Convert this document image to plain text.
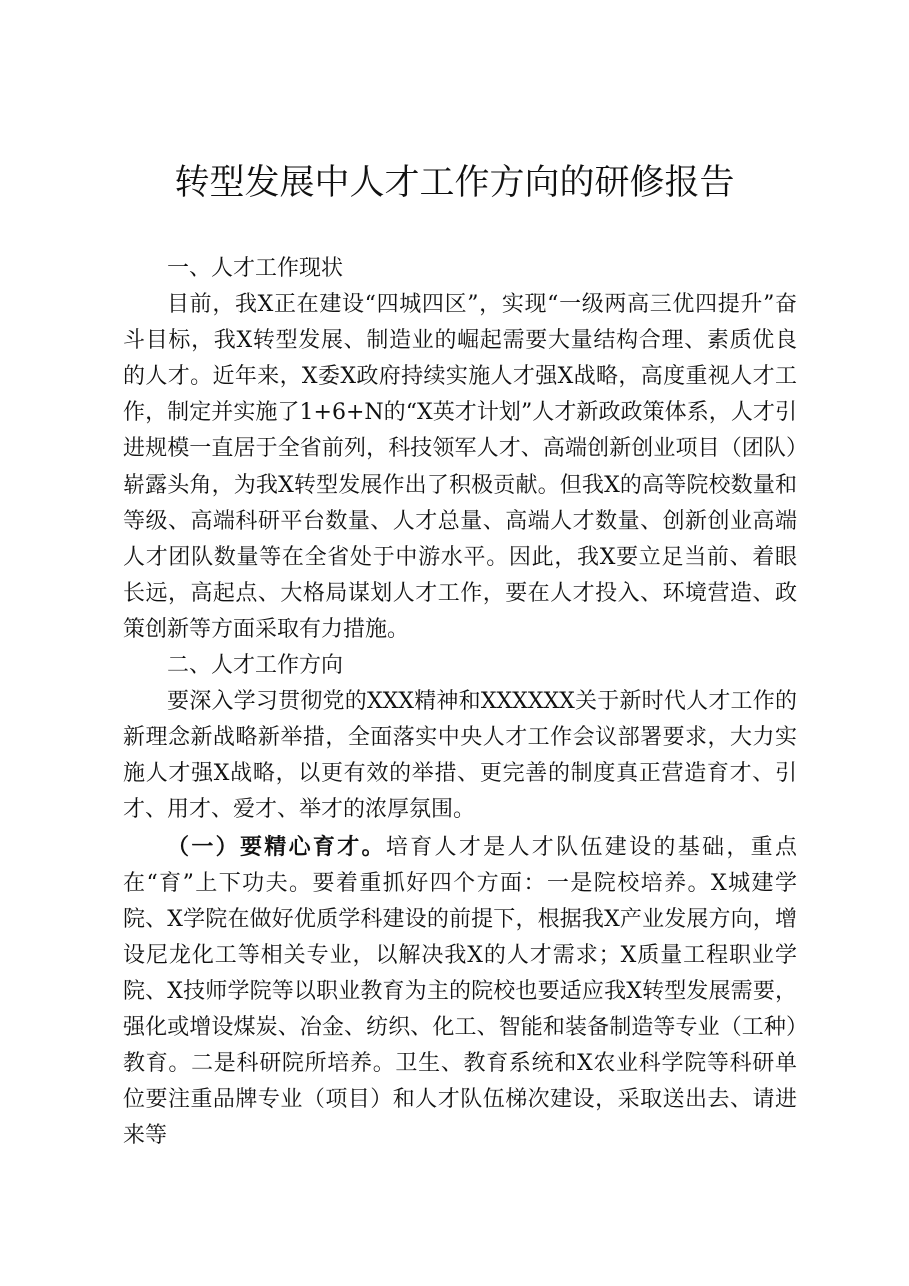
转型发展中人才工作方向的研修报告

一、人才工作现状

目前，我X正在建设“四城四区”，实现“一级两高三优四提升”奋斗目标，我X转型发展、制造业的崛起需要大量结构合理、素质优良的人才。近年来，X委X政府持续实施人才强X战略，高度重视人才工作，制定并实施了1+6+N的“X英才计划”人才新政政策体系，人才引进规模一直居于全省前列，科技领军人才、高端创新创业项目（团队）崭露头角，为我X转型发展作出了积极贡献。但我X的高等院校数量和等级、高端科研平台数量、人才总量、高端人才数量、创新创业高端人才团队数量等在全省处于中游水平。因此，我X要立足当前、着眼长远，高起点、大格局谋划人才工作，要在人才投入、环境营造、政策创新等方面采取有力措施。

二、人才工作方向

要深入学习贯彻党的XXX精神和XXXXXX关于新时代人才工作的新理念新战略新举措，全面落实中央人才工作会议部署要求，大力实施人才强X战略，以更有效的举措、更完善的制度真正营造育才、引才、用才、爱才、举才的浓厚氛围。

（一）要精心育才。培育人才是人才队伍建设的基础，重点在“育”上下功夫。要着重抓好四个方面：一是院校培养。X城建学院、X学院在做好优质学科建设的前提下，根据我X产业发展方向，增设尼龙化工等相关专业，以解决我X的人才需求；X质量工程职业学院、X技师学院等以职业教育为主的院校也要适应我X转型发展需要，强化或增设煤炭、冶金、纺织、化工、智能和装备制造等专业（工种）教育。二是科研院所培养。卫生、教育系统和X农业科学院等科研单位要注重品牌专业（项目）和人才队伍梯次建设，采取送出去、请进来等
